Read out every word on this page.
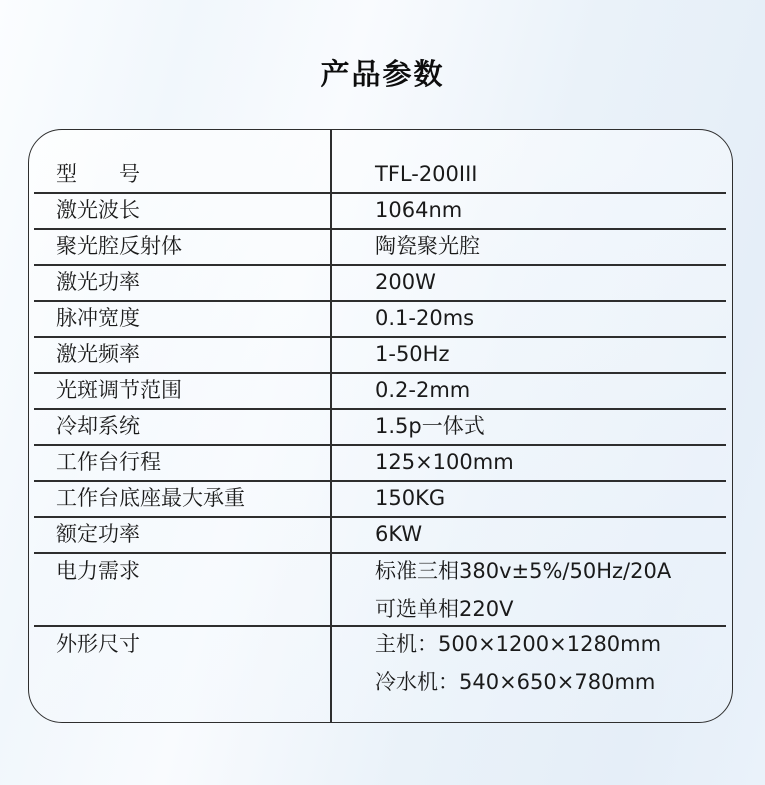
产品参数
型　　号	TFL-200III
激光波长	1064nm
聚光腔反射体	陶瓷聚光腔
激光功率	200W
脉冲宽度	0.1-20ms
激光频率	1-50Hz
光斑调节范围	0.2-2mm
冷却系统	1.5p一体式
工作台行程	125×100mm
工作台底座最大承重	150KG
额定功率	6KW
电力需求	标准三相380v±5%/50Hz/20A
可选单相220V
外形尺寸	主机：500×1200×1280mm
冷水机：540×650×780mm
